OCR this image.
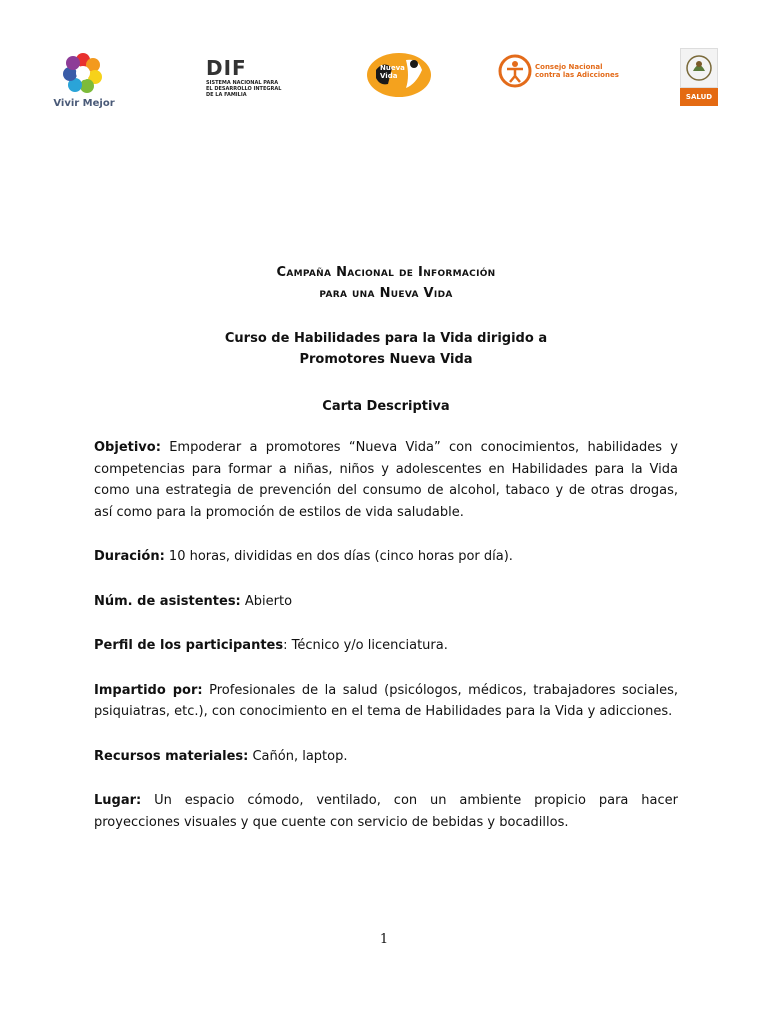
Vivir Mejor
DIF
SISTEMA NACIONAL PARA EL DESARROLLO INTEGRAL DE LA FAMILIA
Nueva Vida
Consejo Nacional contra las Adicciones
SALUD
Campaña Nacional de Información
para una Nueva Vida
Curso de Habilidades para la Vida dirigido a
Promotores Nueva Vida
Carta Descriptiva
Objetivo: Empoderar a promotores “Nueva Vida” con conocimientos, habilidades y competencias para formar a niñas, niños y adolescentes en Habilidades para la Vida como una estrategia de prevención del consumo de alcohol, tabaco y de otras drogas, así como para la promoción de estilos de vida saludable.
Duración: 10 horas, divididas en dos días (cinco horas por día).
Núm. de asistentes: Abierto
Perfil de los participantes: Técnico y/o licenciatura.
Impartido por: Profesionales de la salud (psicólogos, médicos, trabajadores sociales, psiquiatras, etc.), con conocimiento en el tema de Habilidades para la Vida y adicciones.
Recursos materiales: Cañón, laptop.
Lugar: Un espacio cómodo, ventilado, con un ambiente propicio para hacer proyecciones visuales y que cuente con servicio de bebidas y bocadillos.
1
